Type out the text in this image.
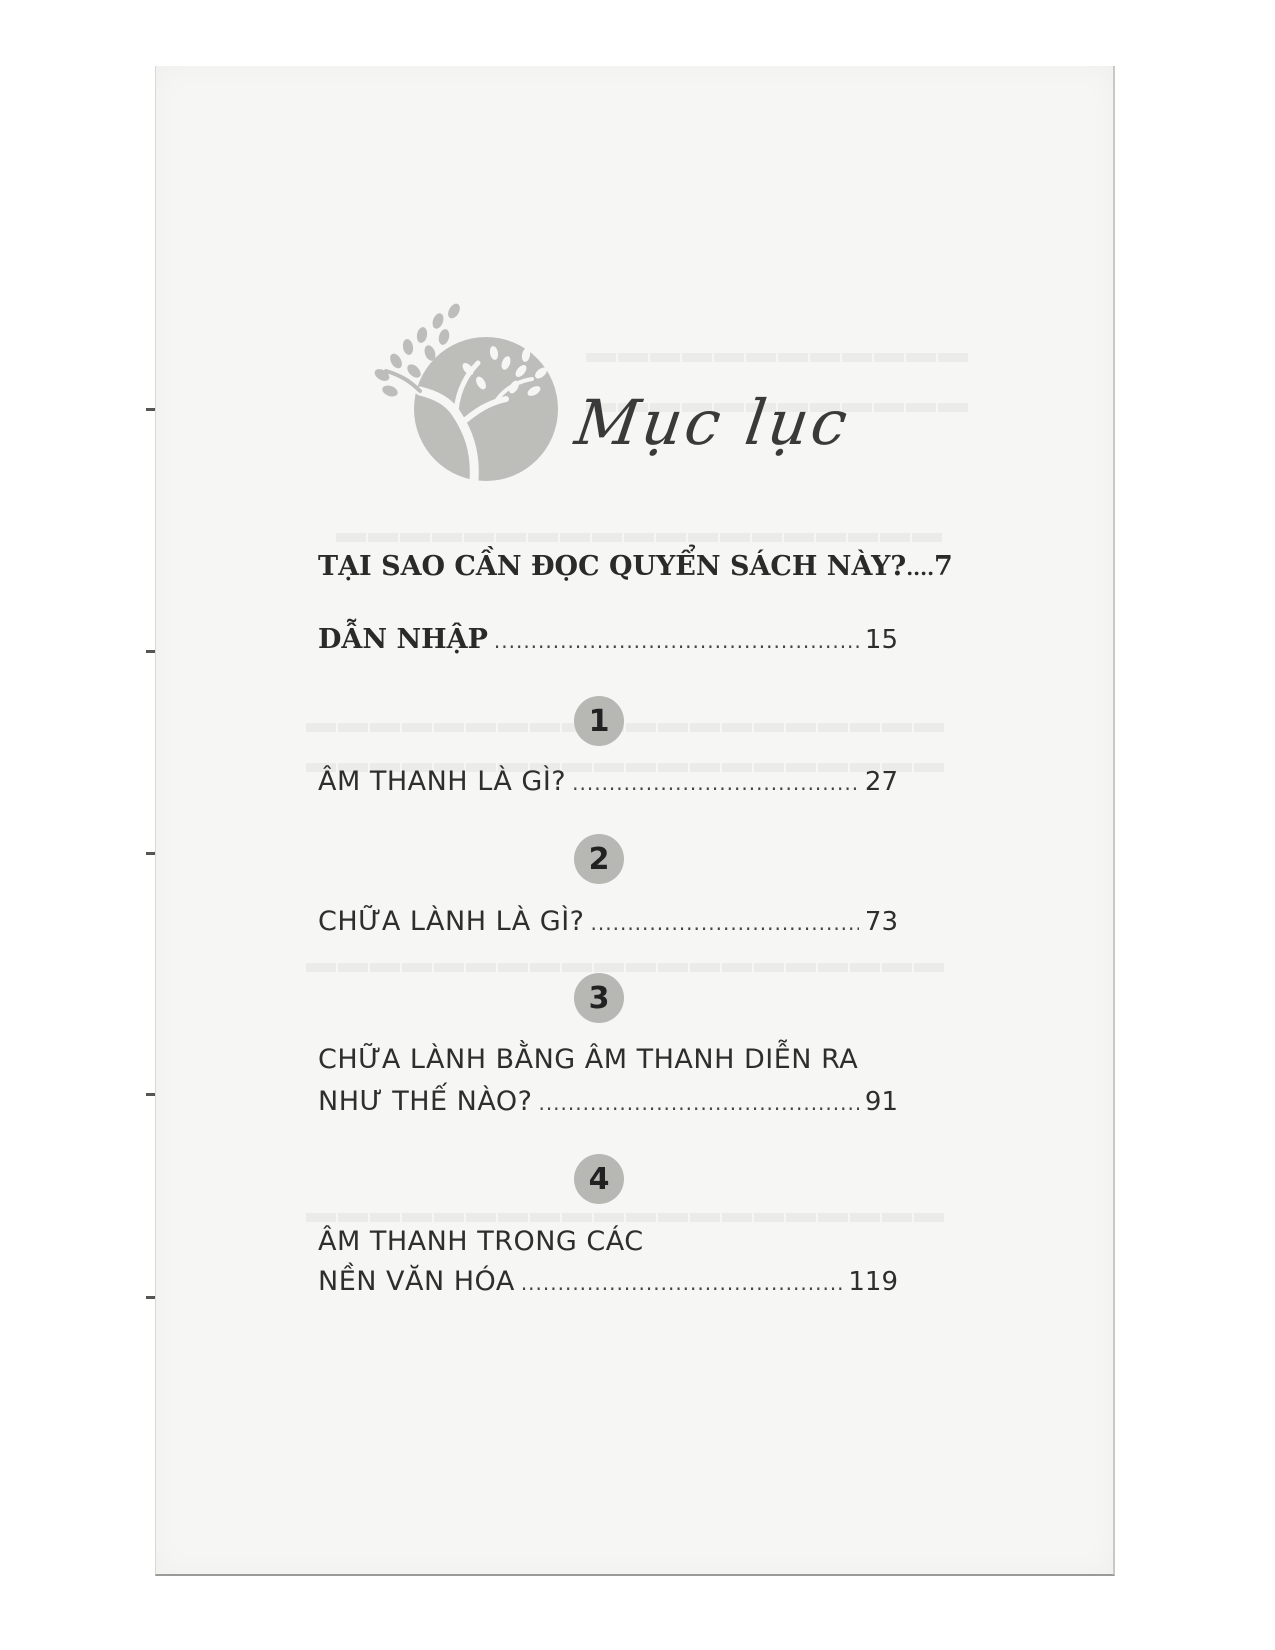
Mục lục
TẠI SAO CẦN ĐỌC QUYỂN SÁCH NÀY? .... 7
DẪN NHẬP .....	15
1
ÂM THANH LÀ GÌ? .....	27
2
CHỮA LÀNH LÀ GÌ? .....	73
3
CHỮA LÀNH BẰNG ÂM THANH DIỄN RA
NHƯ THẾ NÀO? .....	91
4
ÂM THANH TRONG CÁC
NỀN VĂN HÓA .....	119
